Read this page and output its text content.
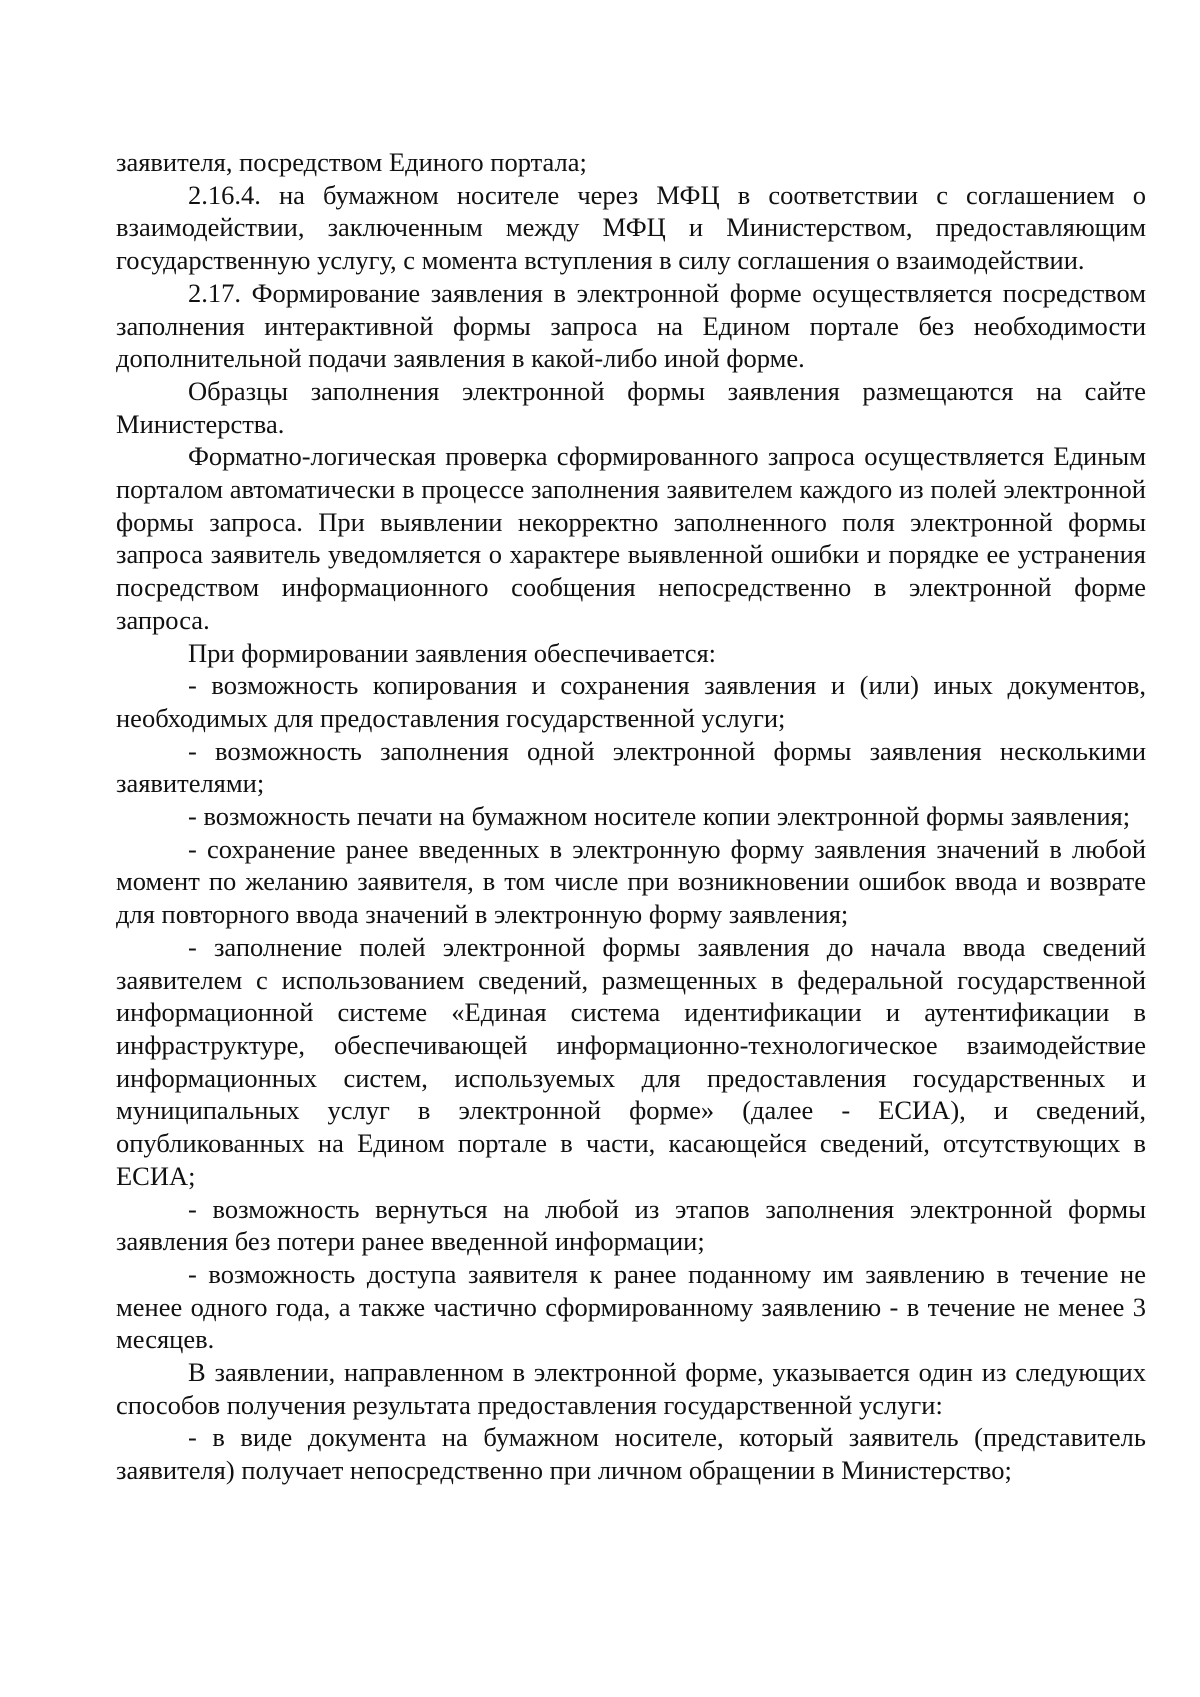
заявителя, посредством Единого портала;

2.16.4. на бумажном носителе через МФЦ в соответствии с соглашением о взаимодействии, заключенным между МФЦ и Министерством, предоставляющим государственную услугу, с момента вступления в силу соглашения о взаимодействии.

2.17. Формирование заявления в электронной форме осуществляется посредством заполнения интерактивной формы запроса на Едином портале без необходимости дополнительной подачи заявления в какой-либо иной форме.

Образцы заполнения электронной формы заявления размещаются на сайте Министерства.

Форматно-логическая проверка сформированного запроса осуществляется Единым порталом автоматически в процессе заполнения заявителем каждого из полей электронной формы запроса. При выявлении некорректно заполненного поля электронной формы запроса заявитель уведомляется о характере выявленной ошибки и порядке ее устранения посредством информационного сообщения непосредственно в электронной форме запроса.

При формировании заявления обеспечивается:

- возможность копирования и сохранения заявления и (или) иных документов, необходимых для предоставления государственной услуги;

- возможность заполнения одной электронной формы заявления несколькими заявителями;

- возможность печати на бумажном носителе копии электронной формы заявления;

- сохранение ранее введенных в электронную форму заявления значений в любой момент по желанию заявителя, в том числе при возникновении ошибок ввода и возврате для повторного ввода значений в электронную форму заявления;

- заполнение полей электронной формы заявления до начала ввода сведений заявителем с использованием сведений, размещенных в федеральной государственной информационной системе «Единая система идентификации и аутентификации в инфраструктуре, обеспечивающей информационно-технологическое взаимодействие информационных систем, используемых для предоставления государственных и муниципальных услуг в электронной форме» (далее - ЕСИА), и сведений, опубликованных на Едином портале в части, касающейся сведений, отсутствующих в ЕСИА;

- возможность вернуться на любой из этапов заполнения электронной формы заявления без потери ранее введенной информации;

- возможность доступа заявителя к ранее поданному им заявлению в течение не менее одного года, а также частично сформированному заявлению - в течение не менее 3 месяцев.

В заявлении, направленном в электронной форме, указывается один из следующих способов получения результата предоставления государственной услуги:

- в виде документа на бумажном носителе, который заявитель (представитель заявителя) получает непосредственно при личном обращении в Министерство;
